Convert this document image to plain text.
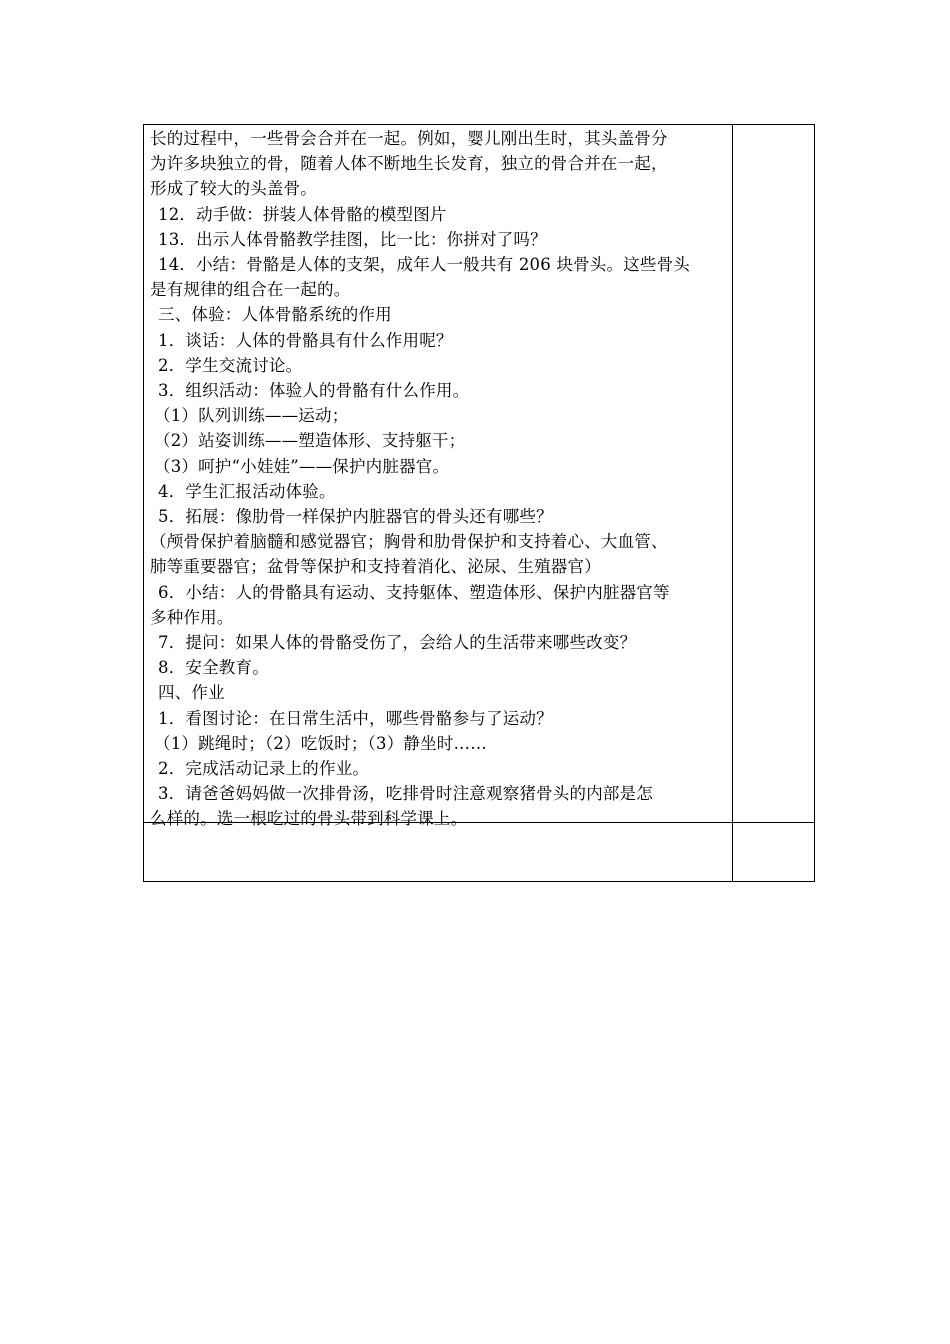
长的过程中，一些骨会合并在一起。例如，婴儿刚出生时，其头盖骨分

为许多块独立的骨，随着人体不断地生长发育，独立的骨合并在一起，

形成了较大的头盖骨。

12．动手做：拼装人体骨骼的模型图片

13．出示人体骨骼教学挂图，比一比：你拼对了吗？

14．小结：骨骼是人体的支架，成年人一般共有 206 块骨头。这些骨头

是有规律的组合在一起的。

三、体验：人体骨骼系统的作用

1．谈话：人体的骨骼具有什么作用呢？

2．学生交流讨论。

3．组织活动：体验人的骨骼有什么作用。

（1）队列训练——运动；

（2）站姿训练——塑造体形、支持躯干；

（3）呵护“小娃娃”——保护内脏器官。

4．学生汇报活动体验。

5．拓展：像肋骨一样保护内脏器官的骨头还有哪些？

（颅骨保护着脑髓和感觉器官；胸骨和肋骨保护和支持着心、大血管、

肺等重要器官；盆骨等保护和支持着消化、泌尿、生殖器官）

6．小结：人的骨骼具有运动、支持躯体、塑造体形、保护内脏器官等

多种作用。

7．提问：如果人体的骨骼受伤了，会给人的生活带来哪些改变？

8．安全教育。

四、作业

1．看图讨论：在日常生活中，哪些骨骼参与了运动？

（1）跳绳时；（2）吃饭时；（3）静坐时……

2．完成活动记录上的作业。

3．请爸爸妈妈做一次排骨汤，吃排骨时注意观察猪骨头的内部是怎

么样的。选一根吃过的骨头带到科学课上。
